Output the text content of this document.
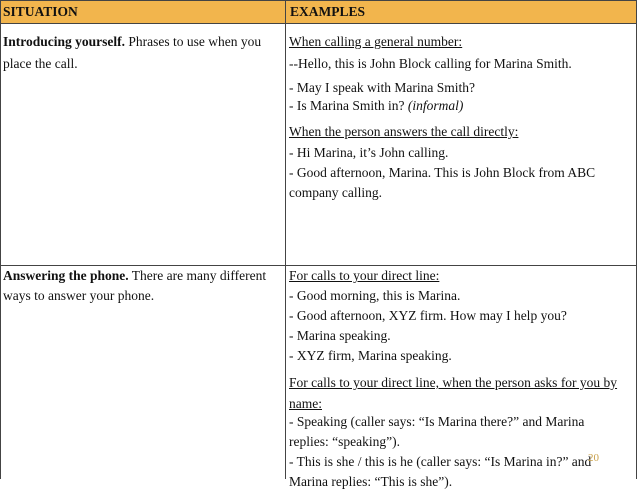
SITUATION	EXAMPLES
Introducing yourself. Phrases to use when you
place the call.
When calling a general number:
--Hello, this is John Block calling for Marina Smith.
- May I speak with Marina Smith?
- Is Marina Smith in? (informal)
When the person answers the call directly:
- Hi Marina, it’s John calling.
- Good afternoon, Marina. This is John Block from ABC
company calling.
Answering the phone. There are many different
ways to answer your phone.
For calls to your direct line:
- Good morning, this is Marina.
- Good afternoon, XYZ firm. How may I help you?
- Marina speaking.
- XYZ firm, Marina speaking.
For calls to your direct line, when the person asks for you by
name:
- Speaking (caller says: “Is Marina there?” and Marina
replies: “speaking”).
- This is she / this is he (caller says: “Is Marina in?” and
Marina replies: “This is she”).
20
